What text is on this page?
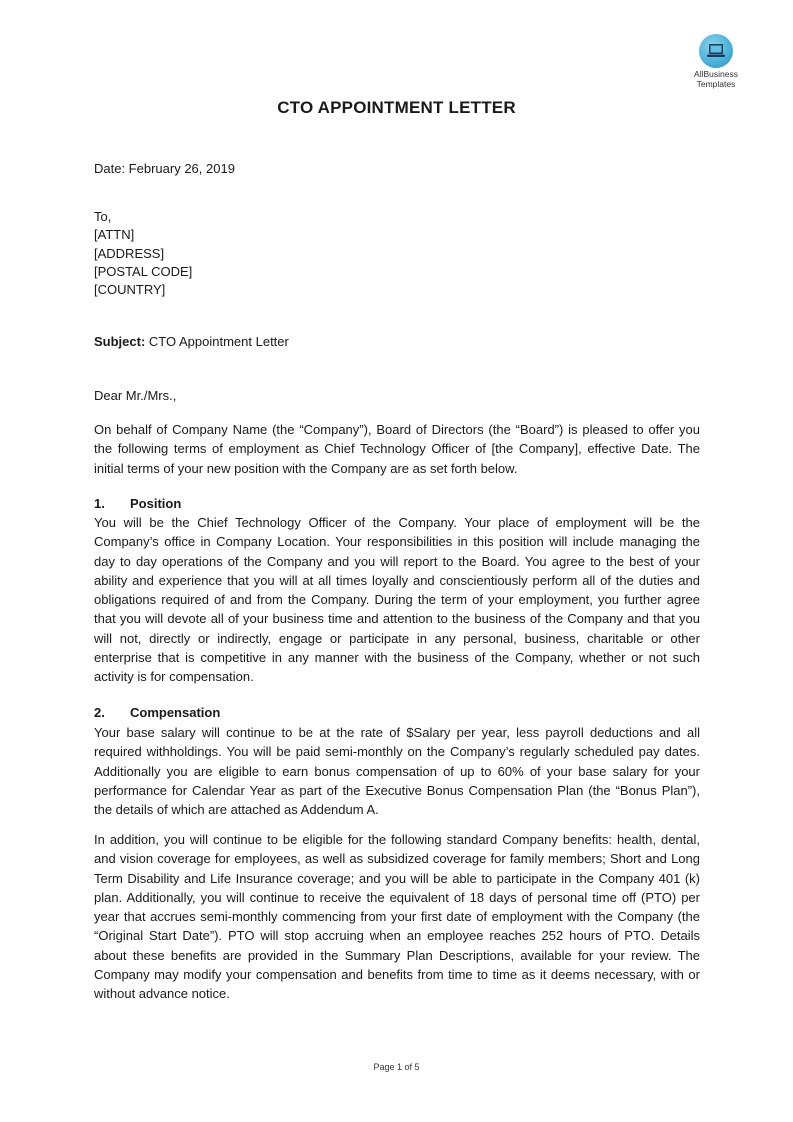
AllBusiness
Templates
CTO APPOINTMENT LETTER
Date: February 26, 2019
To,
[ATTN]
[ADDRESS]
[POSTAL CODE]
[COUNTRY]
Subject: CTO Appointment Letter
Dear Mr./Mrs.,
On behalf of Company Name (the “Company”), Board of Directors (the “Board”) is pleased to offer you the following terms of employment as Chief Technology Officer of [the Company], effective Date. The initial terms of your new position with the Company are as set forth below.
1. Position
You will be the Chief Technology Officer of the Company. Your place of employment will be the Company’s office in Company Location. Your responsibilities in this position will include managing the day to day operations of the Company and you will report to the Board. You agree to the best of your ability and experience that you will at all times loyally and conscientiously perform all of the duties and obligations required of and from the Company. During the term of your employment, you further agree that you will devote all of your business time and attention to the business of the Company and that you will not, directly or indirectly, engage or participate in any personal, business, charitable or other enterprise that is competitive in any manner with the business of the Company, whether or not such activity is for compensation.
2. Compensation
Your base salary will continue to be at the rate of $Salary per year, less payroll deductions and all required withholdings. You will be paid semi-monthly on the Company’s regularly scheduled pay dates. Additionally you are eligible to earn bonus compensation of up to 60% of your base salary for your performance for Calendar Year as part of the Executive Bonus Compensation Plan (the “Bonus Plan”), the details of which are attached as Addendum A.
In addition, you will continue to be eligible for the following standard Company benefits: health, dental, and vision coverage for employees, as well as subsidized coverage for family members; Short and Long Term Disability and Life Insurance coverage; and you will be able to participate in the Company 401 (k) plan. Additionally, you will continue to receive the equivalent of 18 days of personal time off (PTO) per year that accrues semi-monthly commencing from your first date of employment with the Company (the “Original Start Date”). PTO will stop accruing when an employee reaches 252 hours of PTO. Details about these benefits are provided in the Summary Plan Descriptions, available for your review. The Company may modify your compensation and benefits from time to time as it deems necessary, with or without advance notice.
Page 1 of 5
